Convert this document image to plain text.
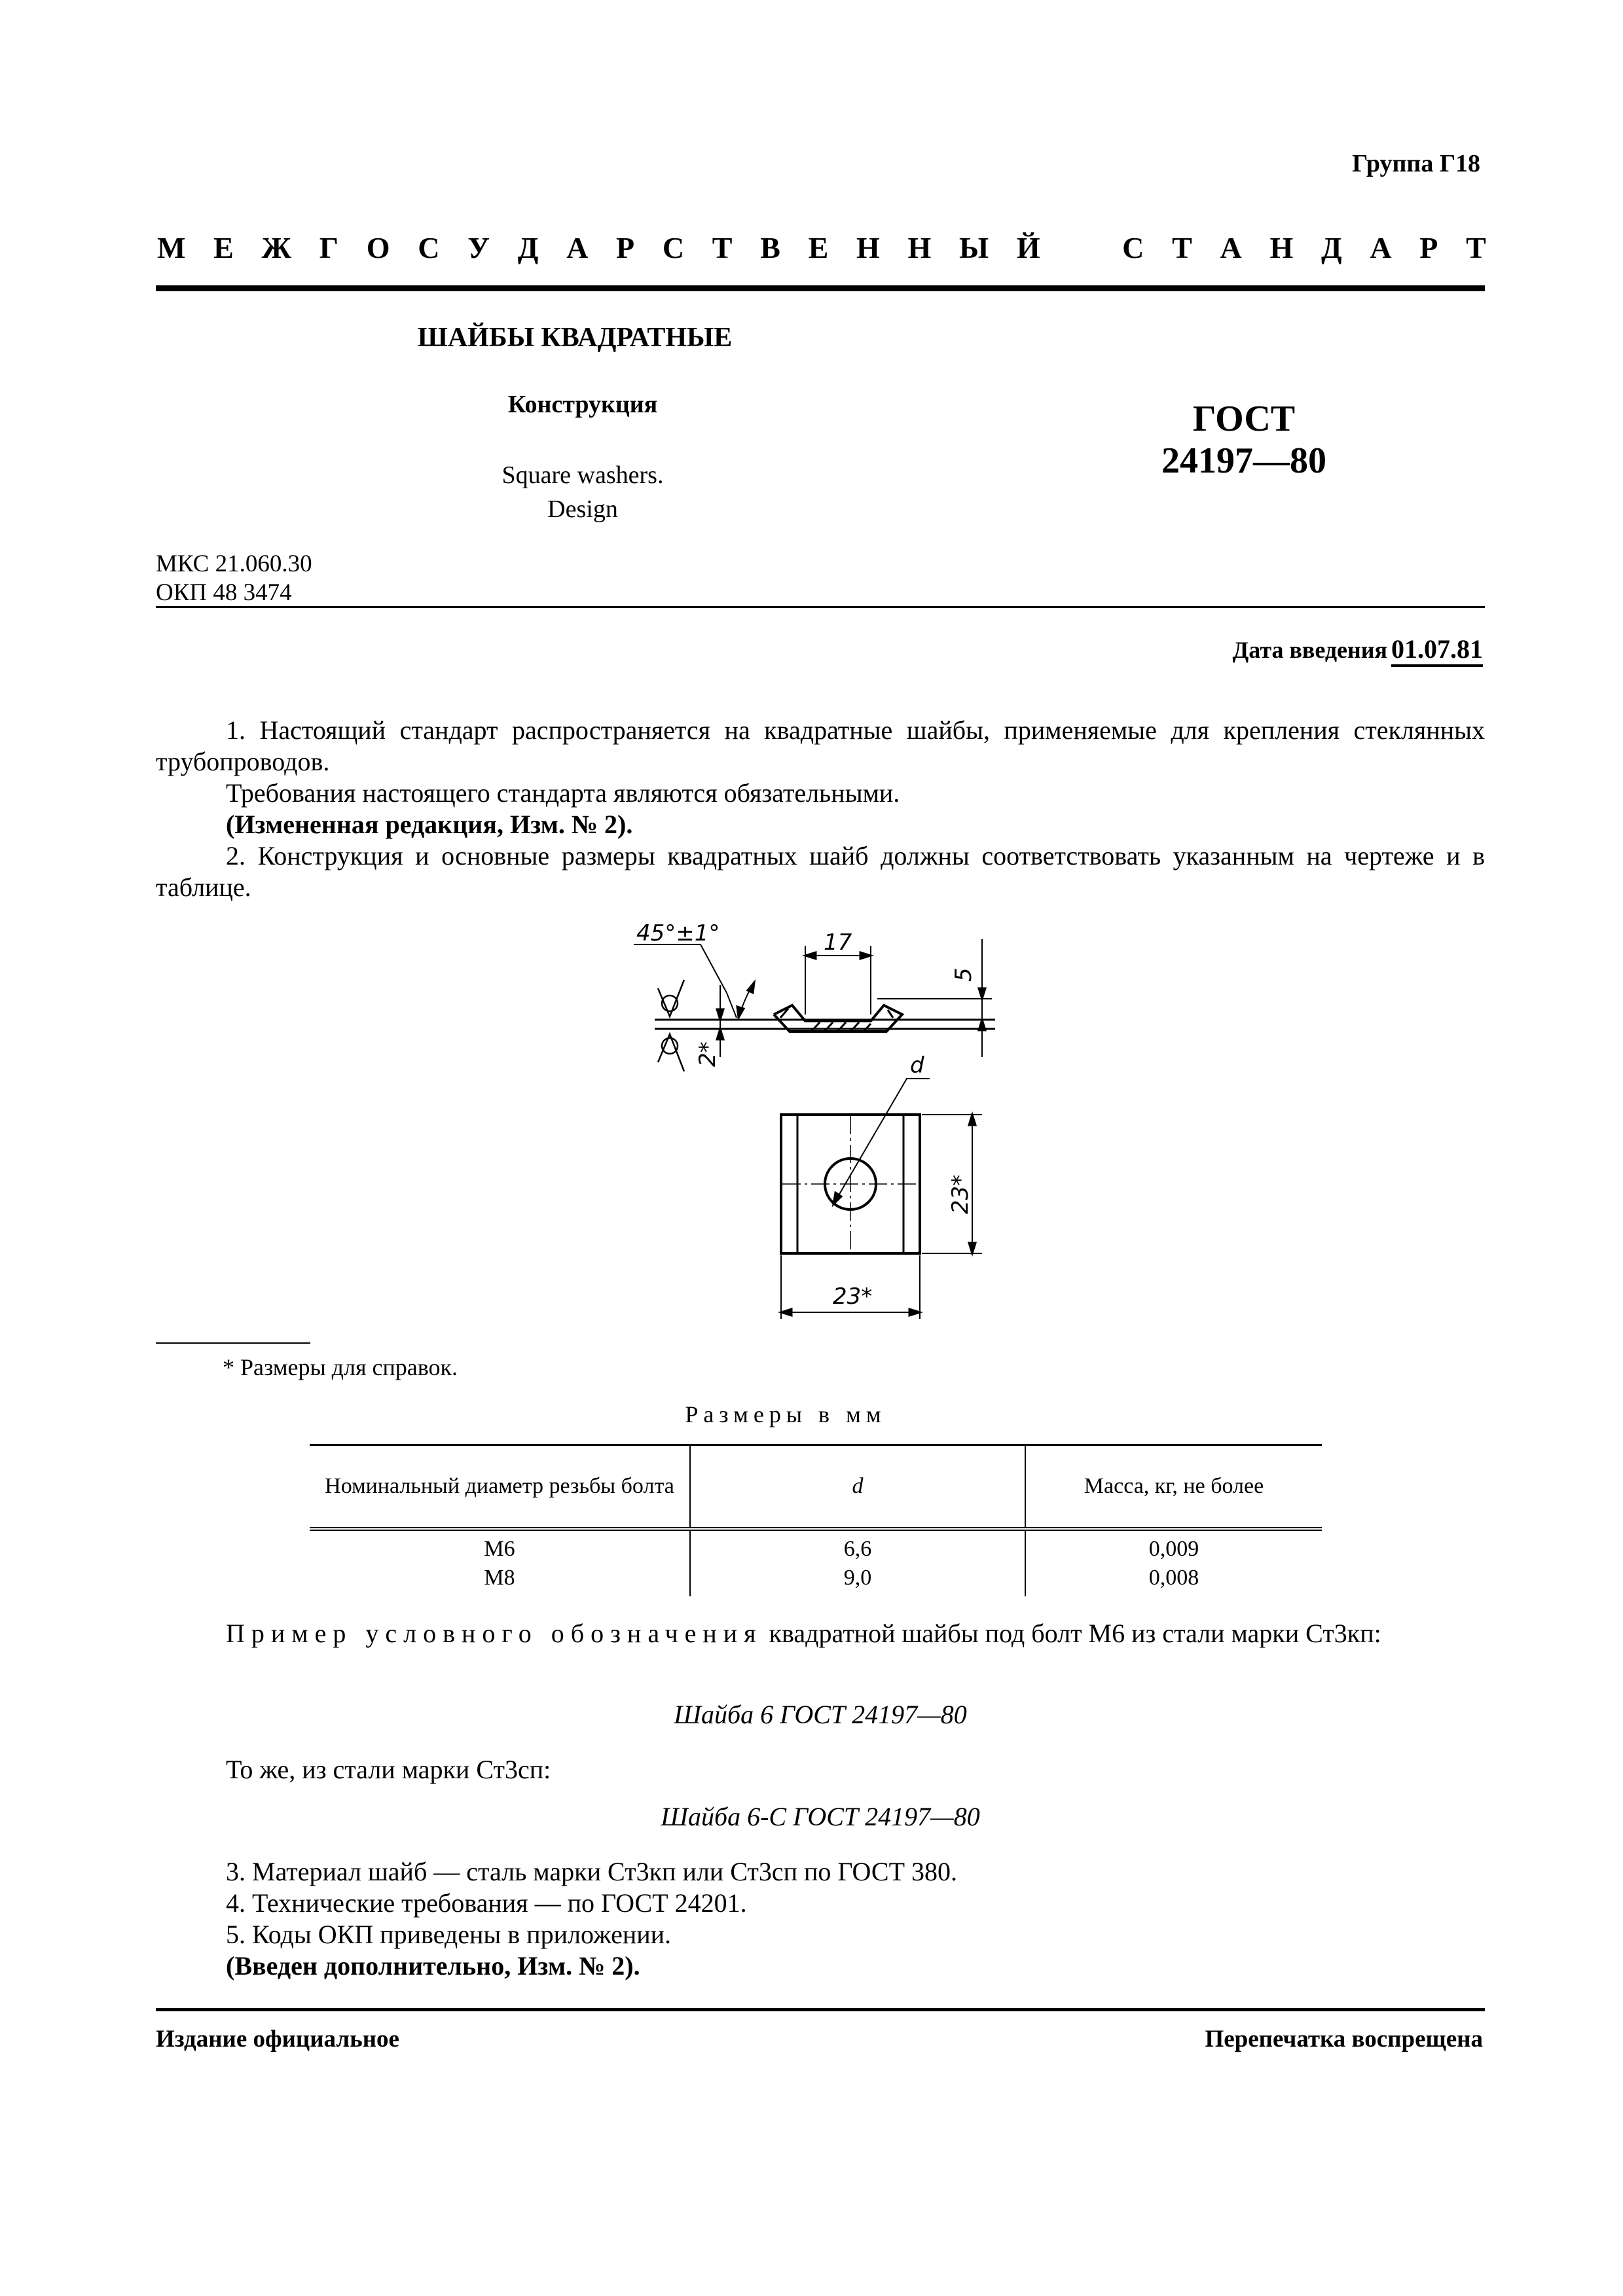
Группа Г18
М Е Ж Г О С У Д А Р С Т В Е Н Н Ы Й	С Т А Н Д А Р Т
ШАЙБЫ КВАДРАТНЫЕ
Конструкция
Square washers.
Design
ГОСТ
24197—80
МКС 21.060.30
ОКП 48 3474
Дата введения 01.07.81

1. Настоящий стандарт распространяется на квадратные шайбы, применяемые для крепления стеклянных трубопроводов.

Требования настоящего стандарта являются обязательными.

(Измененная редакция, Изм. № 2).

2. Конструкция и основные размеры квадратных шайб должны соответствовать указанным на чертеже и в таблице.

45°±1°	17
5
2*	d
23*
23*
* Размеры для справок.
Размеры в мм
Номинальный диаметр резьбы болта	d	Масса, кг, не более
М6	6,6	0,009
М8	9,0	0,008

Пример условного обозначения квадратной шайбы под болт М6 из стали марки Ст3кп:

Шайба 6 ГОСТ 24197—80

То же, из стали марки Ст3сп:

Шайба 6-С ГОСТ 24197—80

3. Материал шайб — сталь марки Ст3кп или Ст3сп по ГОСТ 380.

4. Технические требования — по ГОСТ 24201.

5. Коды ОКП приведены в приложении.

(Введен дополнительно, Изм. № 2).

Издание официальное	Перепечатка воспрещена
